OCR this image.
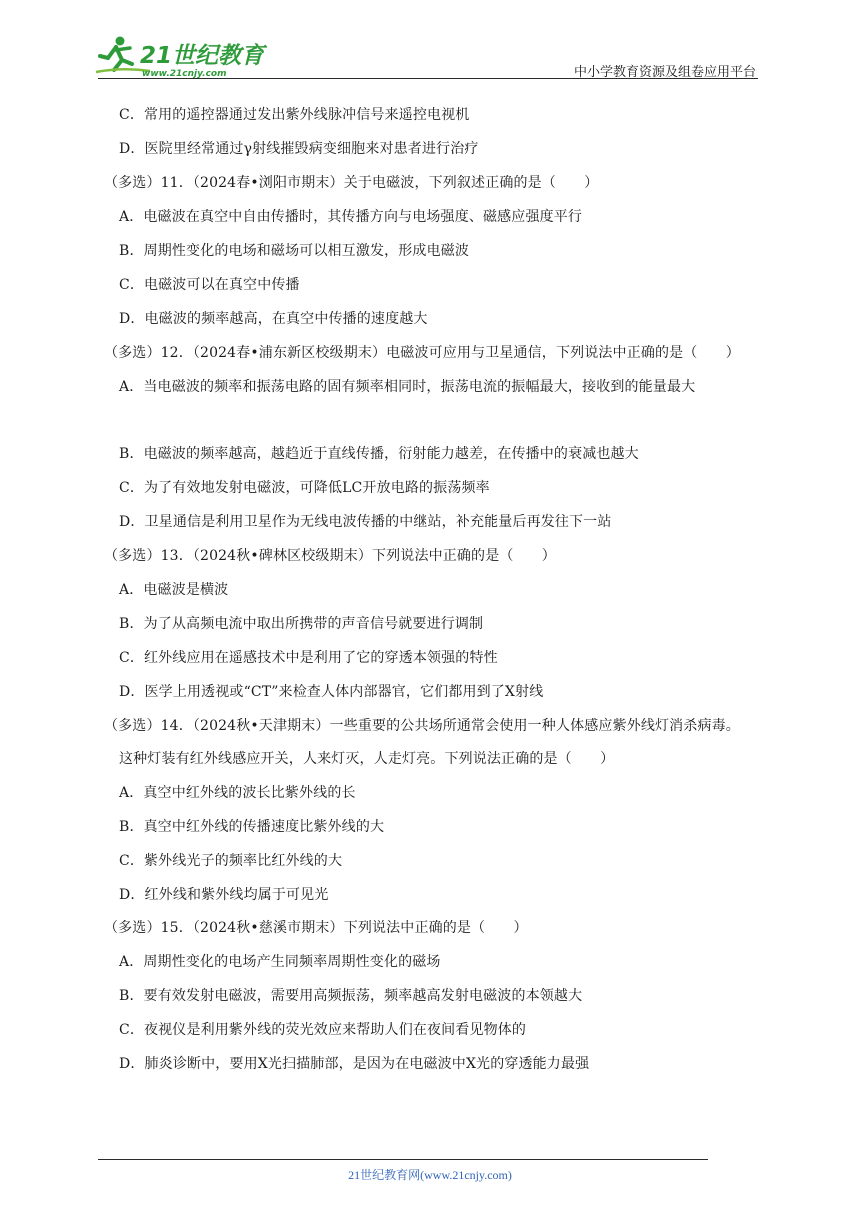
21世纪教育
www.21cnjy.com	中小学教育资源及组卷应用平台
C．常用的遥控器通过发出紫外线脉冲信号来遥控电视机
D．医院里经常通过γ射线摧毁病变细胞来对患者进行治疗
（多选）11．（2024春•浏阳市期末）关于电磁波，下列叙述正确的是（　　）
A．电磁波在真空中自由传播时，其传播方向与电场强度、磁感应强度平行
B．周期性变化的电场和磁场可以相互激发，形成电磁波
C．电磁波可以在真空中传播
D．电磁波的频率越高，在真空中传播的速度越大
（多选）12．（2024春•浦东新区校级期末）电磁波可应用与卫星通信，下列说法中正确的是（　　）
A．当电磁波的频率和振荡电路的固有频率相同时，振荡电流的振幅最大，接收到的能量最大
B．电磁波的频率越高，越趋近于直线传播，衍射能力越差，在传播中的衰减也越大
C．为了有效地发射电磁波，可降低LC开放电路的振荡频率
D．卫星通信是利用卫星作为无线电波传播的中继站，补充能量后再发往下一站
（多选）13．（2024秋•碑林区校级期末）下列说法中正确的是（　　）
A．电磁波是横波
B．为了从高频电流中取出所携带的声音信号就要进行调制
C．红外线应用在遥感技术中是利用了它的穿透本领强的特性
D．医学上用透视或“CT”来检查人体内部器官，它们都用到了X射线
（多选）14．（2024秋•天津期末）一些重要的公共场所通常会使用一种人体感应紫外线灯消杀病毒。
这种灯装有红外线感应开关，人来灯灭，人走灯亮。下列说法正确的是（　　）
A．真空中红外线的波长比紫外线的长
B．真空中红外线的传播速度比紫外线的大
C．紫外线光子的频率比红外线的大
D．红外线和紫外线均属于可见光
（多选）15．（2024秋•慈溪市期末）下列说法中正确的是（　　）
A．周期性变化的电场产生同频率周期性变化的磁场
B．要有效发射电磁波，需要用高频振荡，频率越高发射电磁波的本领越大
C．夜视仪是利用紫外线的荧光效应来帮助人们在夜间看见物体的
D．肺炎诊断中，要用X光扫描肺部，是因为在电磁波中X光的穿透能力最强
21世纪教育网(www.21cnjy.com)
